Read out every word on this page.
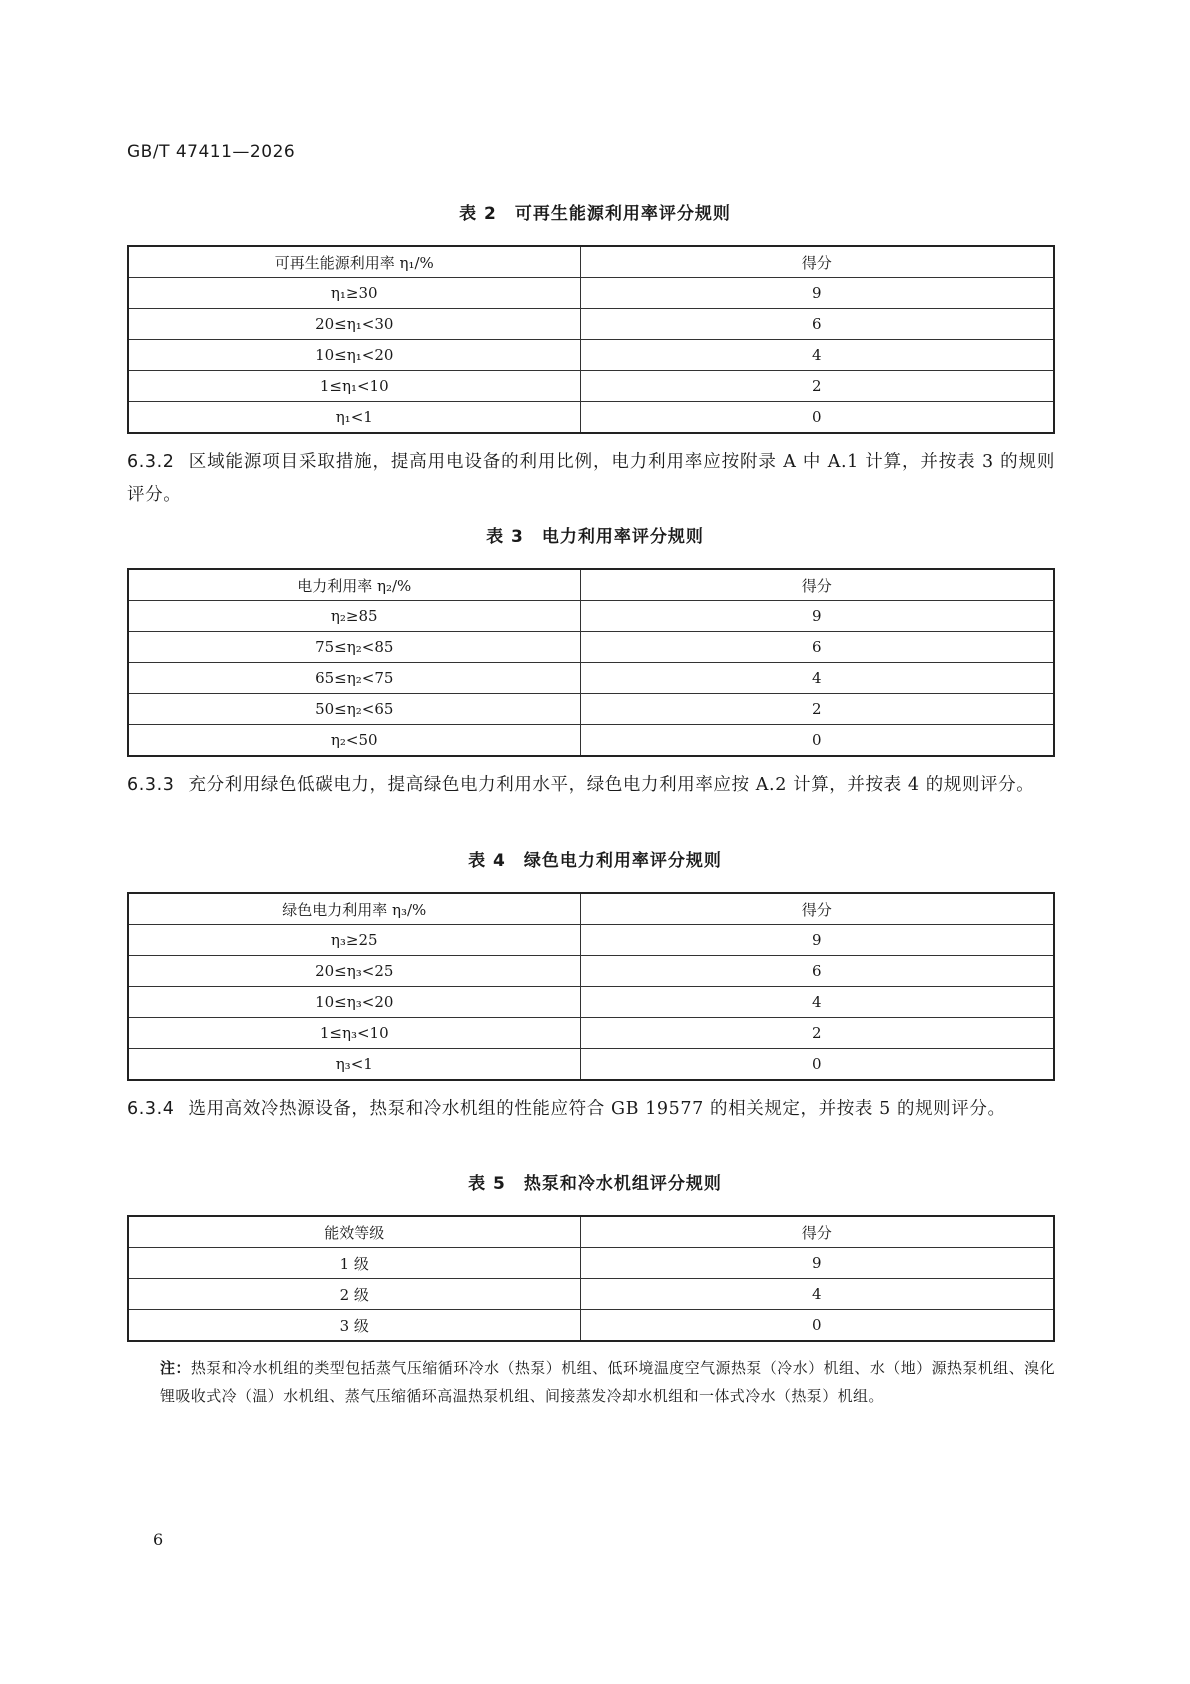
GB/T 47411—2026
表 2　可再生能源利用率评分规则
可再生能源利用率 η₁/%	得分
η₁≥30	9
20≤η₁<30	6
10≤η₁<20	4
1≤η₁<10	2
η₁<1	0
6.3.2 区域能源项目采取措施，提高用电设备的利用比例，电力利用率应按附录 A 中 A.1 计算，并按表 3 的规则评分。
表 3　电力利用率评分规则
电力利用率 η₂/%	得分
η₂≥85	9
75≤η₂<85	6
65≤η₂<75	4
50≤η₂<65	2
η₂<50	0
6.3.3 充分利用绿色低碳电力，提高绿色电力利用水平，绿色电力利用率应按 A.2 计算，并按表 4 的规则评分。
表 4　绿色电力利用率评分规则
绿色电力利用率 η₃/%	得分
η₃≥25	9
20≤η₃<25	6
10≤η₃<20	4
1≤η₃<10	2
η₃<1	0
6.3.4 选用高效冷热源设备，热泵和冷水机组的性能应符合 GB 19577 的相关规定，并按表 5 的规则评分。
表 5　热泵和冷水机组评分规则
能效等级	得分
1 级	9
2 级	4
3 级	0
注：热泵和冷水机组的类型包括蒸气压缩循环冷水（热泵）机组、低环境温度空气源热泵（冷水）机组、水（地）源热泵机组、溴化锂吸收式冷（温）水机组、蒸气压缩循环高温热泵机组、间接蒸发冷却水机组和一体式冷水（热泵）机组。
6
